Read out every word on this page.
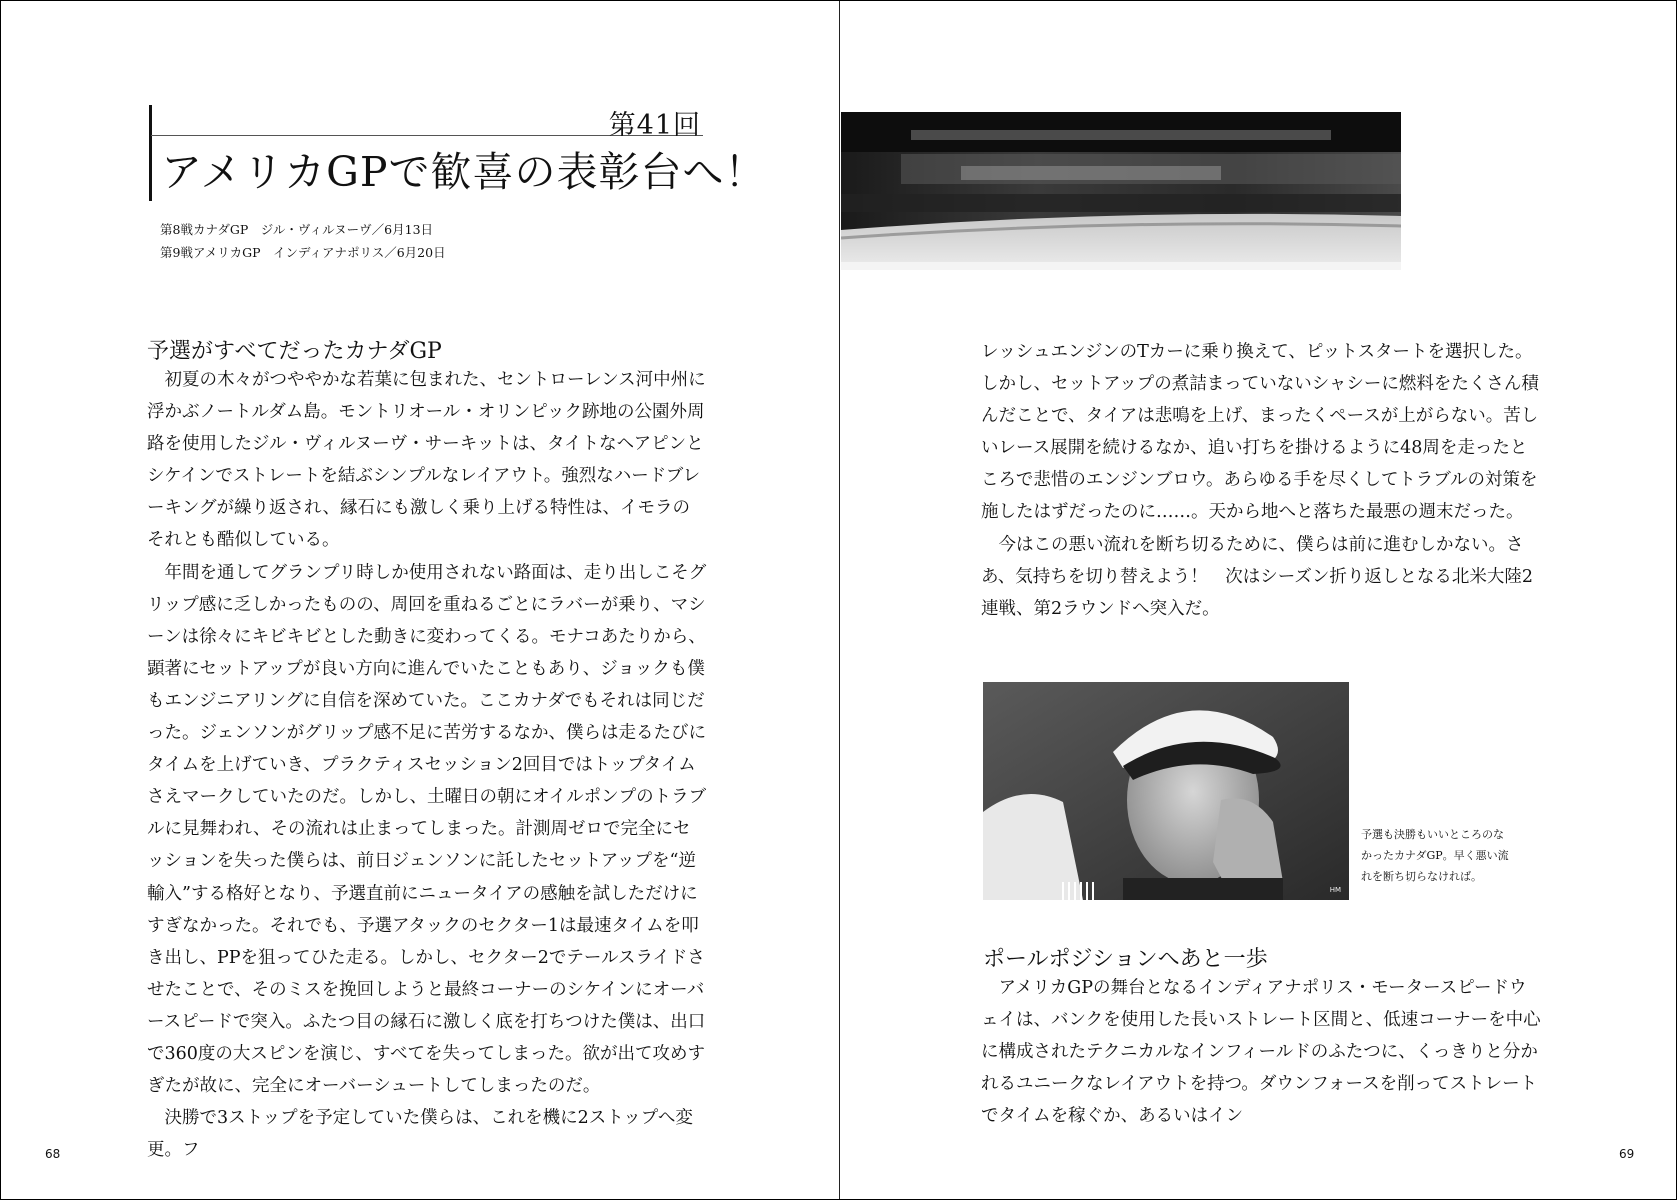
第41回
アメリカGPで歓喜の表彰台へ！
第8戦カナダGP　ジル・ヴィルヌーヴ／6月13日
第9戦アメリカGP　インディアナポリス／6月20日
予選がすべてだったカナダGP

初夏の木々がつややかな若葉に包まれた、セントローレンス河中州に浮かぶノートルダム島。モントリオール・オリンピック跡地の公園外周路を使用したジル・ヴィルヌーヴ・サーキットは、タイトなヘアピンとシケインでストレートを結ぶシンプルなレイアウト。強烈なハードブレーキングが繰り返され、縁石にも激しく乗り上げる特性は、イモラのそれとも酷似している。

年間を通してグランプリ時しか使用されない路面は、走り出しこそグリップ感に乏しかったものの、周回を重ねるごとにラバーが乗り、マシーンは徐々にキビキビとした動きに変わってくる。モナコあたりから、顕著にセットアップが良い方向に進んでいたこともあり、ジョックも僕もエンジニアリングに自信を深めていた。ここカナダでもそれは同じだった。ジェンソンがグリップ感不足に苦労するなか、僕らは走るたびにタイムを上げていき、プラクティスセッション2回目ではトップタイムさえマークしていたのだ。しかし、土曜日の朝にオイルポンプのトラブルに見舞われ、その流れは止まってしまった。計測周ゼロで完全にセッションを失った僕らは、前日ジェンソンに託したセットアップを“逆輸入”する格好となり、予選直前にニュータイアの感触を試しただけにすぎなかった。それでも、予選アタックのセクター1は最速タイムを叩き出し、PPを狙ってひた走る。しかし、セクター2でテールスライドさせたことで、そのミスを挽回しようと最終コーナーのシケインにオーバースピードで突入。ふたつ目の縁石に激しく底を打ちつけた僕は、出口で360度の大スピンを演じ、すべてを失ってしまった。欲が出て攻めすぎたが故に、完全にオーバーシュートしてしまったのだ。

決勝で3ストップを予定していた僕らは、これを機に2ストップへ変更。フ

68

レッシュエンジンのTカーに乗り換えて、ピットスタートを選択した。しかし、セットアップの煮詰まっていないシャシーに燃料をたくさん積んだことで、タイアは悲鳴を上げ、まったくペースが上がらない。苦しいレース展開を続けるなか、追い打ちを掛けるように48周を走ったところで悲惜のエンジンブロウ。あらゆる手を尽くしてトラブルの対策を施したはずだったのに……。天から地へと落ちた最悪の週末だった。

今はこの悪い流れを断ち切るために、僕らは前に進むしかない。さあ、気持ちを切り替えよう！　次はシーズン折り返しとなる北米大陸2連戦、第2ラウンドへ突入だ。

HM
予選も決勝もいいところのなかったカナダGP。早く悪い流れを断ち切らなければ。
ポールポジションへあと一歩

アメリカGPの舞台となるインディアナポリス・モータースピードウェイは、バンクを使用した長いストレート区間と、低速コーナーを中心に構成されたテクニカルなインフィールドのふたつに、くっきりと分かれるユニークなレイアウトを持つ。ダウンフォースを削ってストレートでタイムを稼ぐか、あるいはイン

69
